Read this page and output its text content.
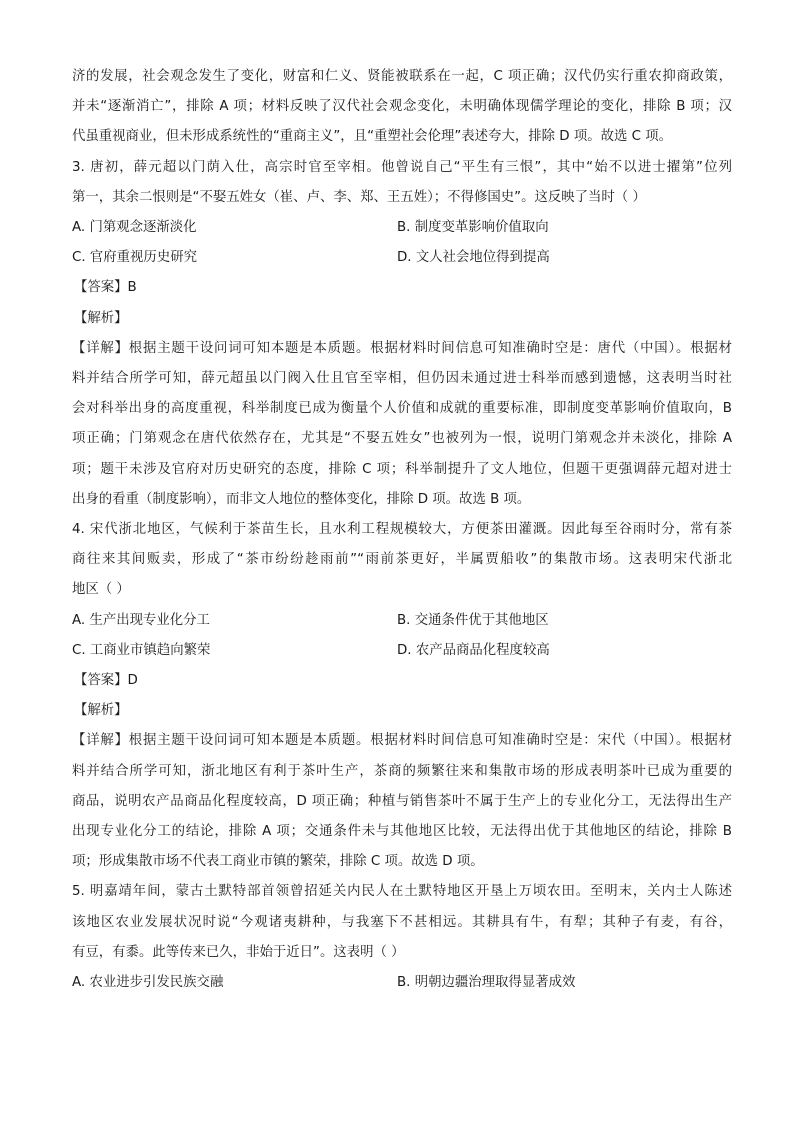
济的发展，社会观念发生了变化，财富和仁义、贤能被联系在一起，C 项正确；汉代仍实行重农抑商政策，

并未“逐渐消亡”，排除 A 项；材料反映了汉代社会观念变化，未明确体现儒学理论的变化，排除 B 项；汉

代虽重视商业，但未形成系统性的“重商主义”，且“重塑社会伦理”表述夸大，排除 D 项。故选 C 项。

3. 唐初，薛元超以门荫入仕，高宗时官至宰相。他曾说自己“平生有三恨”，其中“始不以进士擢第”位列

第一，其余二恨则是“不娶五姓女（崔、卢、李、郑、王五姓）；不得修国史”。这反映了当时（ ）

A. 门第观念逐渐淡化	B. 制度变革影响价值取向
C. 官府重视历史研究	D. 文人社会地位得到提高

【答案】B

【解析】

【详解】根据主题干设问词可知本题是本质题。根据材料时间信息可知准确时空是：唐代（中国）。根据材

料并结合所学可知，薛元超虽以门阀入仕且官至宰相，但仍因未通过进士科举而感到遗憾，这表明当时社

会对科举出身的高度重视，科举制度已成为衡量个人价值和成就的重要标准，即制度变革影响价值取向，B

项正确；门第观念在唐代依然存在，尤其是“不娶五姓女”也被列为一恨，说明门第观念并未淡化，排除 A

项；题干未涉及官府对历史研究的态度，排除 C 项；科举制提升了文人地位，但题干更强调薛元超对进士

出身的看重（制度影响），而非文人地位的整体变化，排除 D 项。故选 B 项。

4. 宋代浙北地区，气候利于茶苗生长，且水利工程规模较大，方便茶田灌溉。因此每至谷雨时分，常有茶

商往来其间贩卖，形成了“茶市纷纷趁雨前”“雨前茶更好，半属贾船收”的集散市场。这表明宋代浙北

地区（ ）

A. 生产出现专业化分工	B. 交通条件优于其他地区
C. 工商业市镇趋向繁荣	D. 农产品商品化程度较高

【答案】D

【解析】

【详解】根据主题干设问词可知本题是本质题。根据材料时间信息可知准确时空是：宋代（中国）。根据材

料并结合所学可知，浙北地区有利于茶叶生产，茶商的频繁往来和集散市场的形成表明茶叶已成为重要的

商品，说明农产品商品化程度较高，D 项正确；种植与销售茶叶不属于生产上的专业化分工，无法得出生产

出现专业化分工的结论，排除 A 项；交通条件未与其他地区比较，无法得出优于其他地区的结论，排除 B

项；形成集散市场不代表工商业市镇的繁荣，排除 C 项。故选 D 项。

5. 明嘉靖年间，蒙古土默特部首领曾招延关内民人在土默特地区开垦上万顷农田。至明末，关内士人陈述

该地区农业发展状况时说“今观诸夷耕种，与我塞下不甚相远。其耕具有牛，有犁；其种子有麦，有谷，

有豆，有黍。此等传来已久，非始于近日”。这表明（ ）

A. 农业进步引发民族交融	B. 明朝边疆治理取得显著成效
